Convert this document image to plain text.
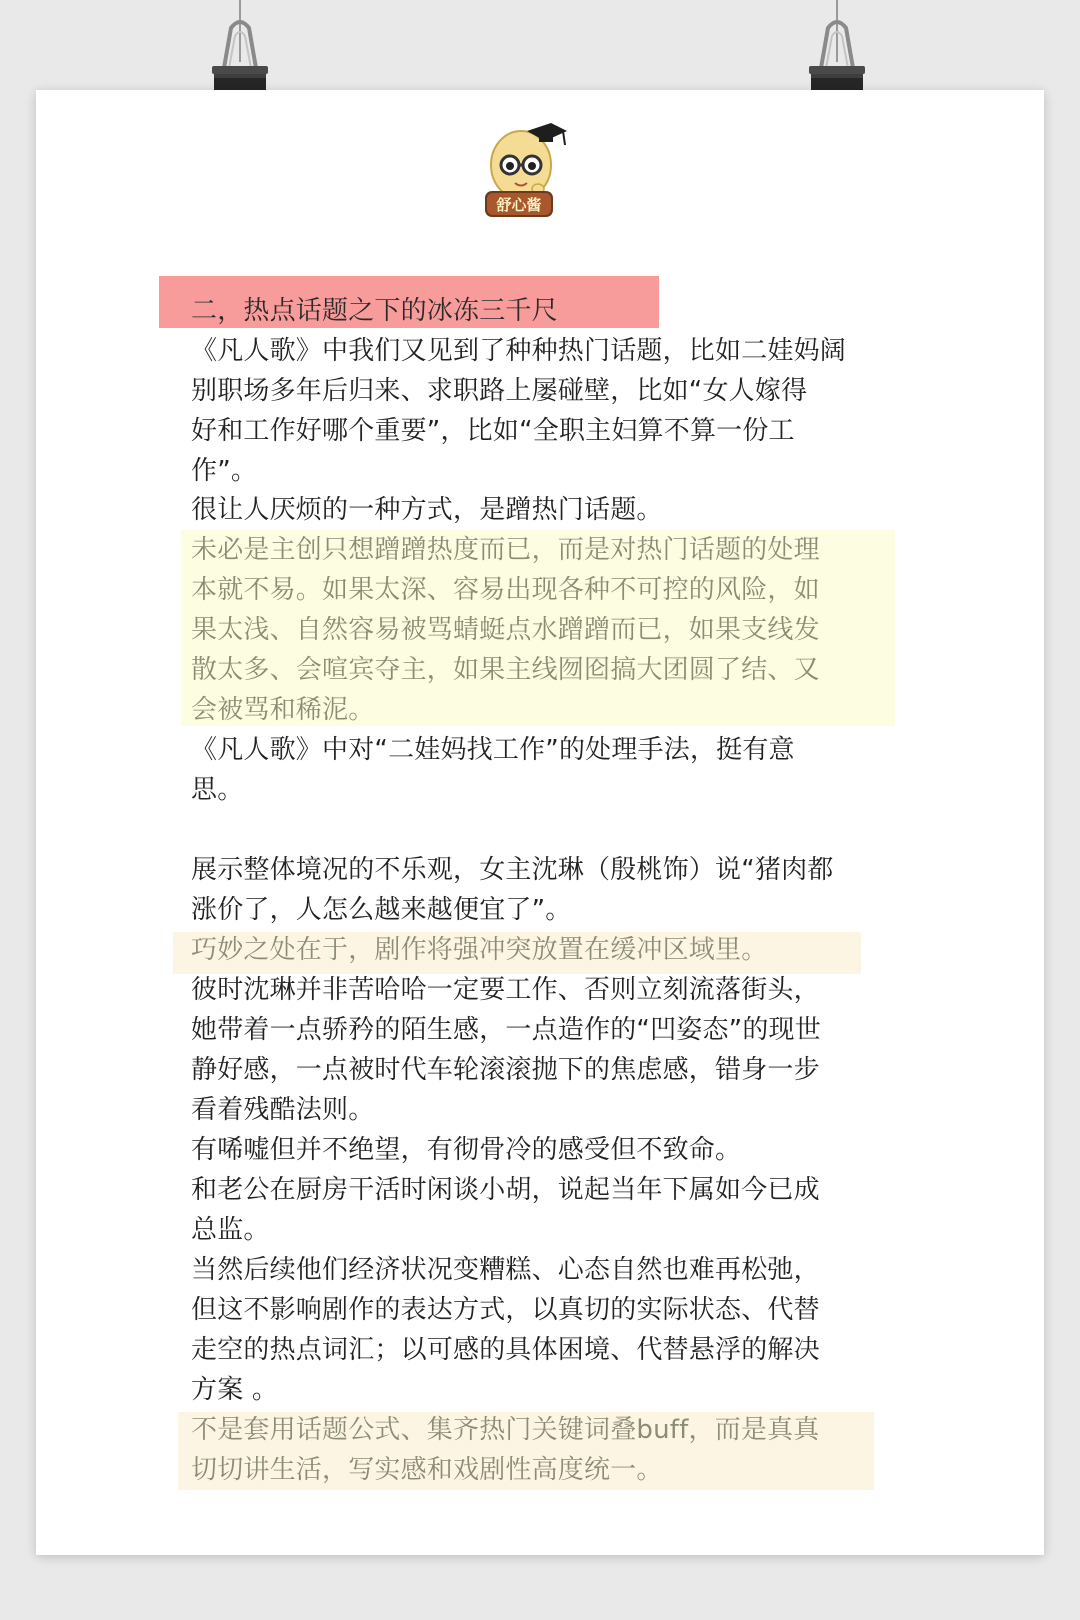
舒心酱
二，热点话题之下的冰冻三千尺
《凡人歌》中我们又见到了种种热门话题，比如二娃妈阔
别职场多年后归来、求职路上屡碰壁，比如“女人嫁得
好和工作好哪个重要”，比如“全职主妇算不算一份工
作”。
很让人厌烦的一种方式，是蹭热门话题。
未必是主创只想蹭蹭热度而已，而是对热门话题的处理
本就不易。如果太深、容易出现各种不可控的风险，如
果太浅、自然容易被骂蜻蜓点水蹭蹭而已，如果支线发
散太多、会喧宾夺主，如果主线囫囵搞大团圆了结、又
会被骂和稀泥。
《凡人歌》中对“二娃妈找工作”的处理手法，挺有意
思。
展示整体境况的不乐观，女主沈琳（殷桃饰）说“猪肉都
涨价了，人怎么越来越便宜了”。
巧妙之处在于，剧作将强冲突放置在缓冲区域里。
彼时沈琳并非苦哈哈一定要工作、否则立刻流落街头，
她带着一点骄矜的陌生感，一点造作的“凹姿态”的现世
静好感，一点被时代车轮滚滚抛下的焦虑感，错身一步
看着残酷法则。
有唏嘘但并不绝望，有彻骨冷的感受但不致命。
和老公在厨房干活时闲谈小胡，说起当年下属如今已成
总监。
当然后续他们经济状况变糟糕、心态自然也难再松弛，
但这不影响剧作的表达方式，以真切的实际状态、代替
走空的热点词汇；以可感的具体困境、代替悬浮的解决
方案 。
不是套用话题公式、集齐热门关键词叠buff，而是真真
切切讲生活，写实感和戏剧性高度统一。
